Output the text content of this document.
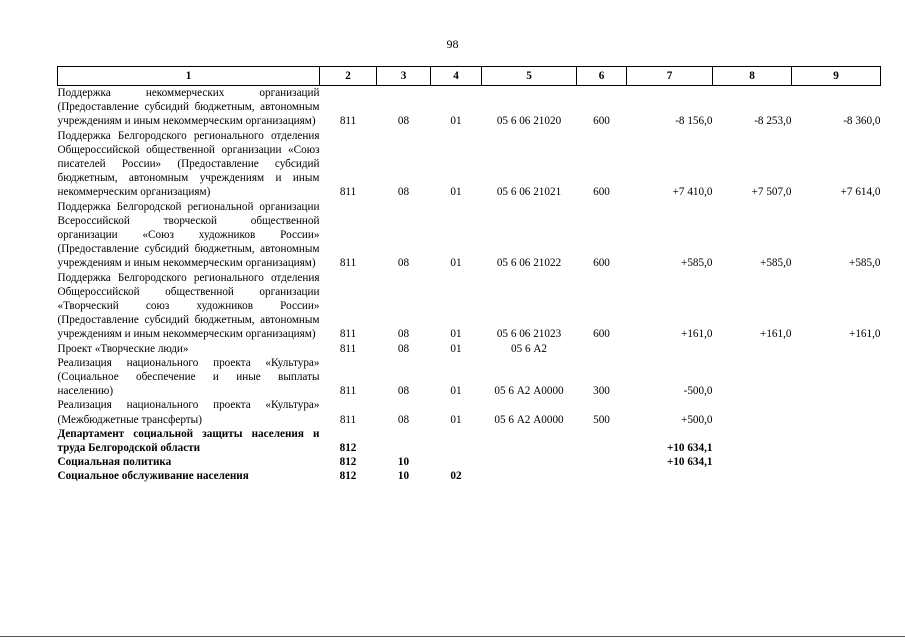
98
1	2	3	4	5	6	7	8	9
Поддержка некоммерческих организаций (Предоставление субсидий бюджетным, автономным учреждениям и иным некоммерческим организациям)	811	08	01	05 6 06 21020	600	-8 156,0	-8 253,0	-8 360,0
Поддержка Белгородского регионального отделения Общероссийской общественной организации «Союз писателей России» (Предоставление субсидий бюджетным, автономным учреждениям и иным некоммерческим организациям)	811	08	01	05 6 06 21021	600	+7 410,0	+7 507,0	+7 614,0
Поддержка Белгородской региональной организации Всероссийской творческой общественной организации «Союз художников России» (Предоставление субсидий бюджетным, автономным учреждениям и иным некоммерческим организациям)	811	08	01	05 6 06 21022	600	+585,0	+585,0	+585,0
Поддержка Белгородского регионального отделения Общероссийской общественной организации «Творческий союз художников России» (Предоставление субсидий бюджетным, автономным учреждениям и иным некоммерческим организациям)	811	08	01	05 6 06 21023	600	+161,0	+161,0	+161,0
Проект «Творческие люди»	811	08	01	05 6 А2				
Реализация национального проекта «Культура» (Социальное обеспечение и иные выплаты населению)	811	08	01	05 6 А2 А0000	300	-500,0		
Реализация национального проекта «Культура» (Межбюджетные трансферты)	811	08	01	05 6 А2 А0000	500	+500,0		
Департамент социальной защиты населения и труда Белгородской области	812					+10 634,1		
Социальная политика	812	10				+10 634,1		
Социальное обслуживание населения	812	10	02					
